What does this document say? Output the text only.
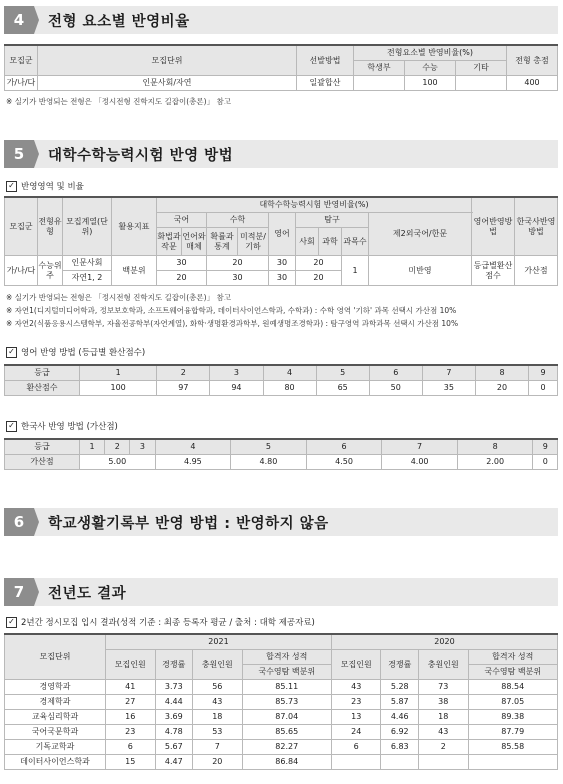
4	전형 요소별 반영비율
모집군	모집단위	선발방법	전형요소별 반영비율(%)			전형 총점
			학생부	수능	기타	
가/나/다	인문사회/자연	일괄합산		100		400
※ 실기가 반영되는 전형은 「정시전형 진학지도 길잡이(총론)」 참고
5	대학수학능력시험 반영 방법
✓ 반영영역 및 비율
모집군	전형유형	모집계열(단위)	활용지표	대학수학능력시험 반영비율(%)									영어반영방법	한국사반영방법
				국어		수학		영어	탐구			제2외국어/한문		
				화법과작문	언어와매체	확률과통계	미적분/기하		사회	과학	과목수			
가/나/다	수능위주	인문사회	백분위	30		20		30	20		1	미반영	등급별환산점수	가산점
		자연1, 2		20		30		30	20					
※ 실기가 반영되는 전형은 「정시전형 진학지도 길잡이(총론)」 참고
※ 자연1(디지털미디어학과, 정보보호학과, 소프트웨어융합학과, 데이터사이언스학과, 수학과) : 수학 영역 '기하' 과목 선택시 가산점 10%
※ 자연2(식품응용시스템학부, 자율전공학부(자연계열), 화학·생명환경과학부, 원예생명조경학과) : 탐구영역 과학과목 선택시 가산점 10%
✓ 영어 반영 방법 (등급별 환산점수)
등급	1	2	3	4	5	6	7	8	9
환산점수	100	97	94	80	65	50	35	20	0
✓ 한국사 반영 방법 (가산점)
등급	1	2	3	4	5	6	7	8	9
가산점	5.00			4.95	4.80	4.50	4.00	2.00	0
6	학교생활기록부 반영 방법 : 반영하지 않음
7	전년도 결과
✓ 2년간 정시모집 입시 결과(성적 기준 : 최종 등록자 평균 / 출처 : 대학 제공자료)
모집단위	2021				2020			
	모집인원	경쟁률	충원인원	합격자 성적	모집인원	경쟁률	충원인원	합격자 성적
				국수영탐 백분위				국수영탐 백분위
경영학과	41	3.73	56	85.11	43	5.28	73	88.54
경제학과	27	4.44	43	85.73	23	5.87	38	87.05
교육심리학과	16	3.69	18	87.04	13	4.46	18	89.38
국어국문학과	23	4.78	53	85.65	24	6.92	43	87.79
기독교학과	6	5.67	7	82.27	6	6.83	2	85.58
데이터사이언스학과	15	4.47	20	86.84				
